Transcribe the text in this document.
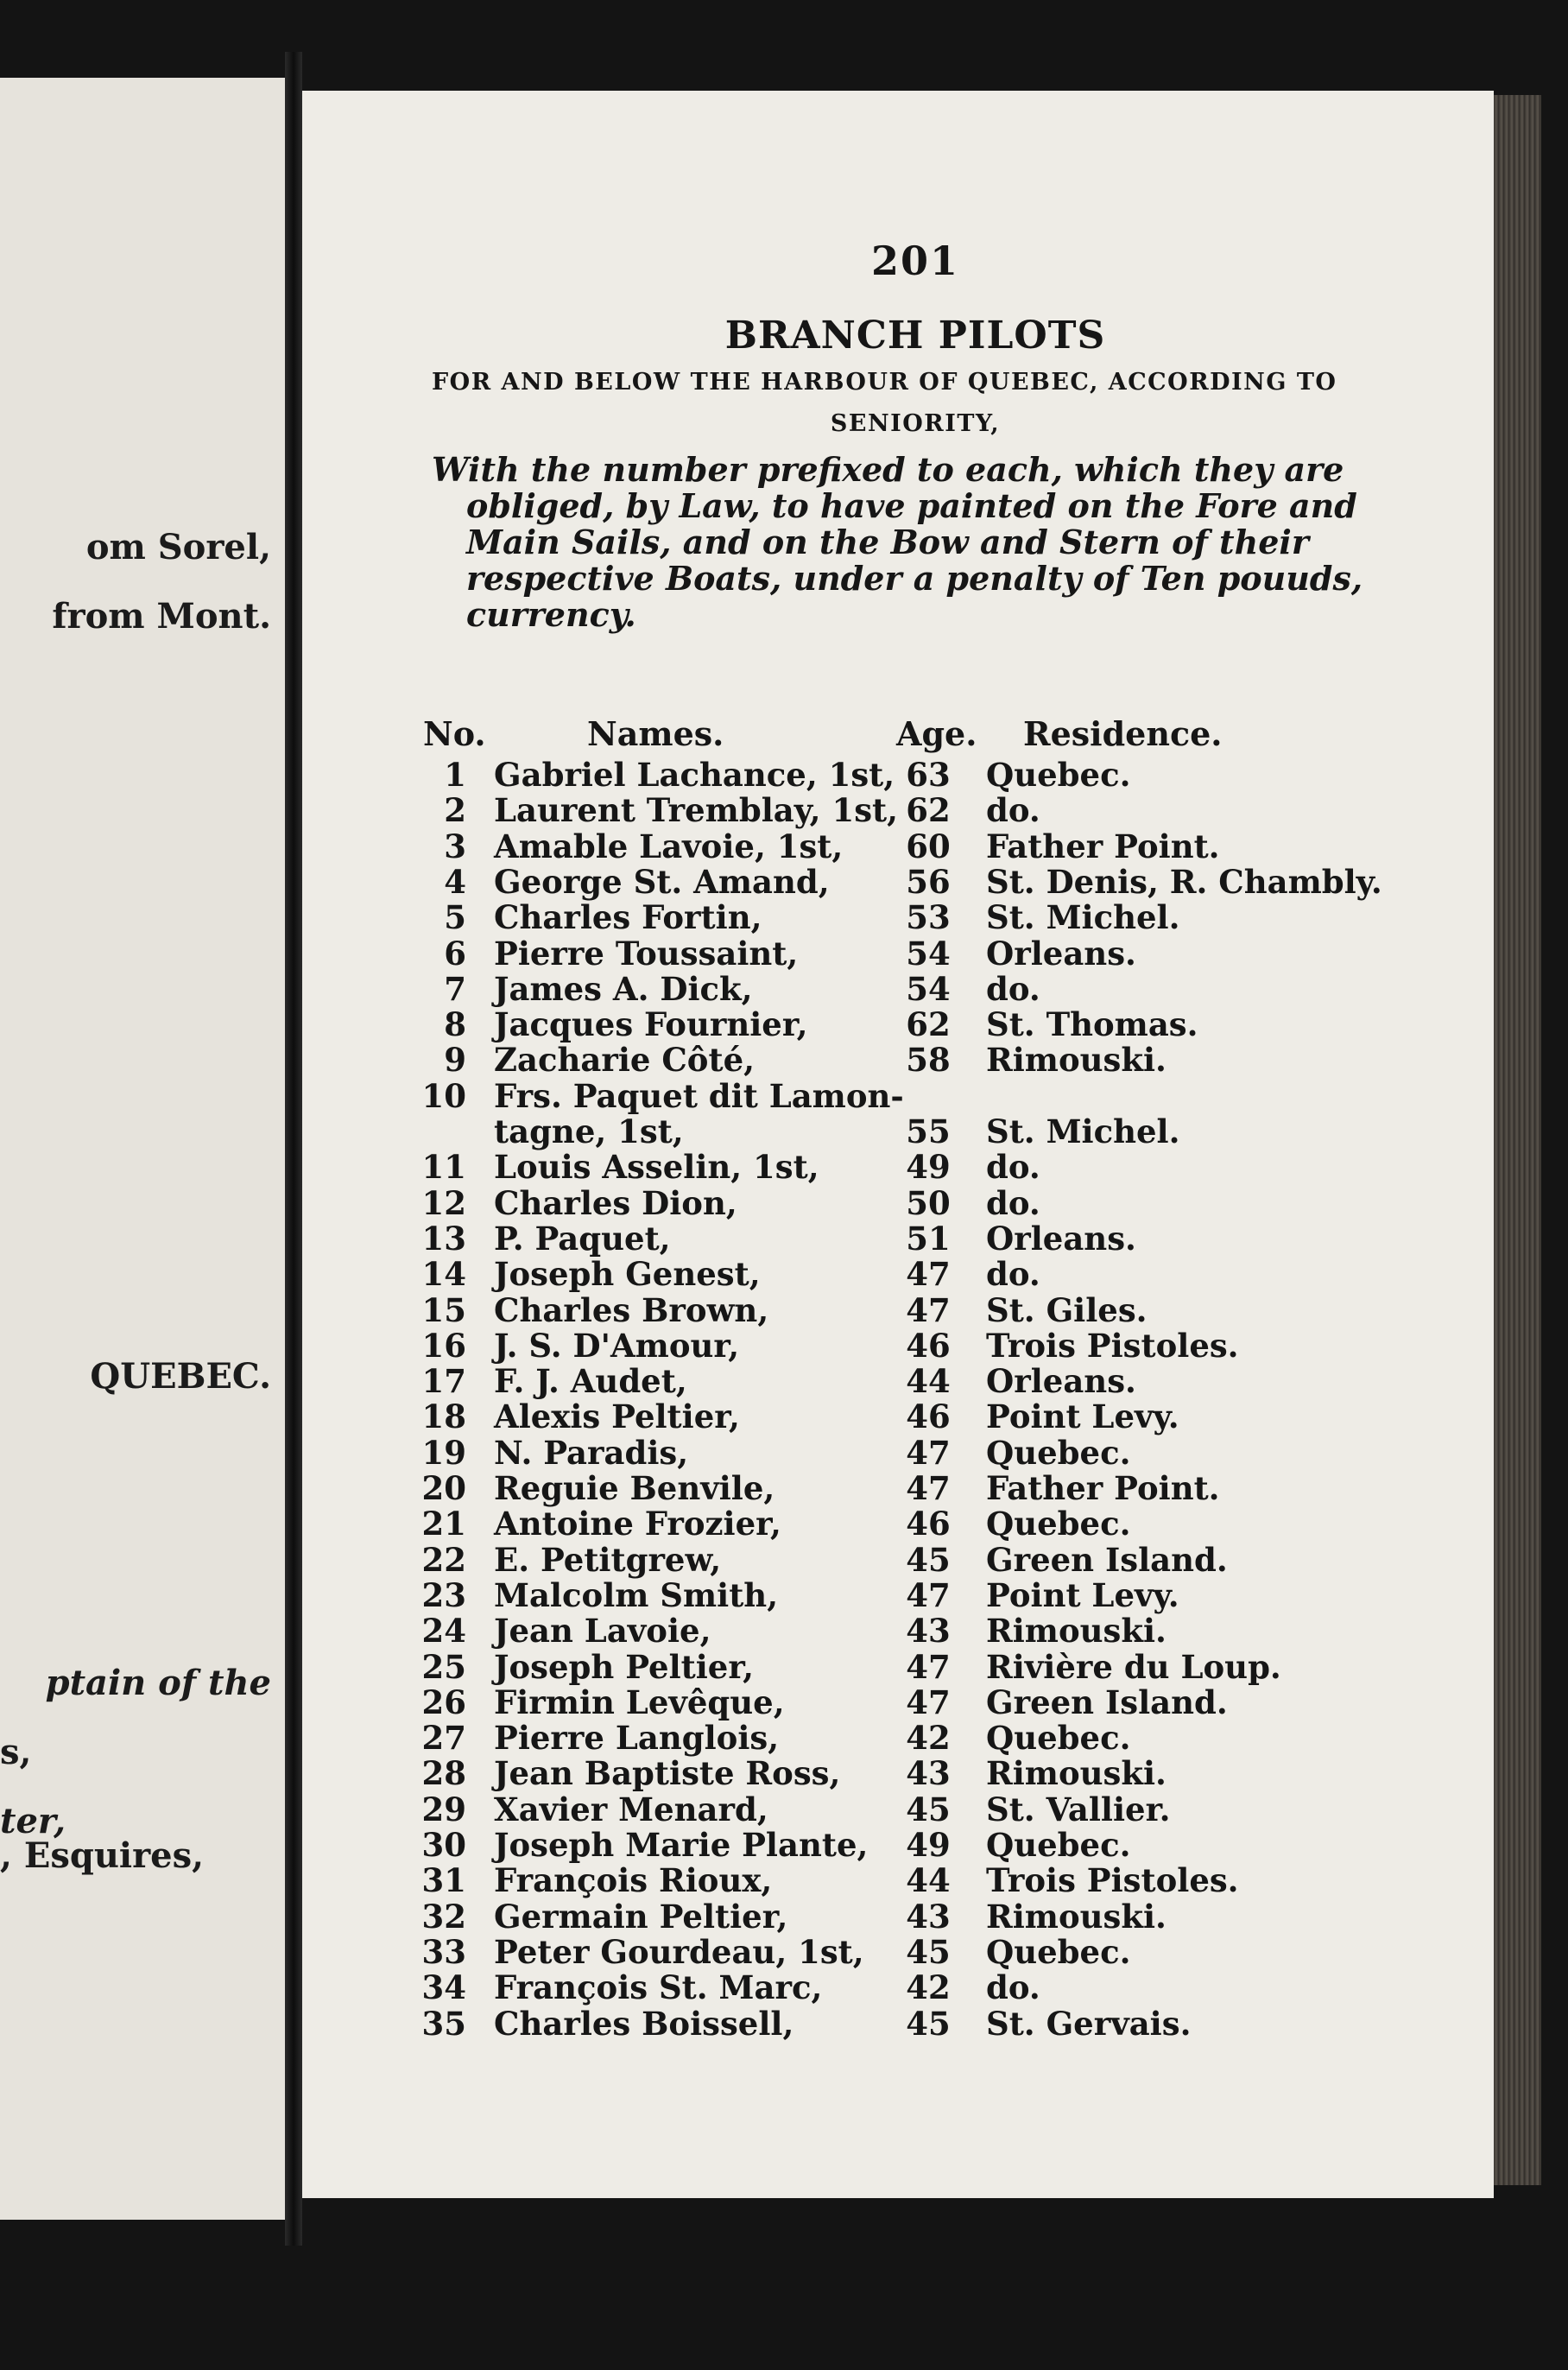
om Sorel,
from Mont.
QUEBEC.
ptain of the
s,
ter,
, Esquires,
201
BRANCH PILOTS
FOR AND BELOW THE HARBOUR OF QUEBEC, ACCORDING TO
SENIORITY,
With the number prefixed to each, which they are obliged, by Law, to have painted on the Fore and Main Sails, and on the Bow and Stern of their respective Boats, under a penalty of Ten pouuds, currency.
No.	Names.	Age. Residence.
1 Gabriel Lachance, 1st, 63	Quebec.
2 Laurent Tremblay, 1st, 62	do.
3 Amable Lavoie, 1st,	60	Father Point.
4 George St. Amand,	56	St. Denis, R. Chambly.
5 Charles Fortin,	53	St. Michel.
6 Pierre Toussaint,	54	Orleans.
7 James A. Dick,	54	do.
8 Jacques Fournier,	62	St. Thomas.
9 Zacharie Côté,	58	Rimouski.
10 Frs. Paquet dit Lamon-
tagne, 1st,	55	St. Michel.
11 Louis Asselin, 1st,	49	do.
12 Charles Dion,	50	do.
13 P. Paquet,	51	Orleans.
14 Joseph Genest,	47	do.
15 Charles Brown,	47	St. Giles.
16 J. S. D'Amour,	46	Trois Pistoles.
17 F. J. Audet,	44	Orleans.
18 Alexis Peltier,	46	Point Levy.
19 N. Paradis,	47	Quebec.
20 Reguie Benvile,	47	Father Point.
21 Antoine Frozier,	46	Quebec.
22 E. Petitgrew,	45	Green Island.
23 Malcolm Smith,	47	Point Levy.
24 Jean Lavoie,	43	Rimouski.
25 Joseph Peltier,	47	Rivière du Loup.
26 Firmin Levêque,	47	Green Island.
27 Pierre Langlois,	42	Quebec.
28 Jean Baptiste Ross,	43	Rimouski.
29 Xavier Menard,	45	St. Vallier.
30 Joseph Marie Plante,	49	Quebec.
31 François Rioux,	44	Trois Pistoles.
32 Germain Peltier,	43	Rimouski.
33 Peter Gourdeau, 1st,	45	Quebec.
34 François St. Marc,	42	do.
35 Charles Boissell,	45	St. Gervais.
